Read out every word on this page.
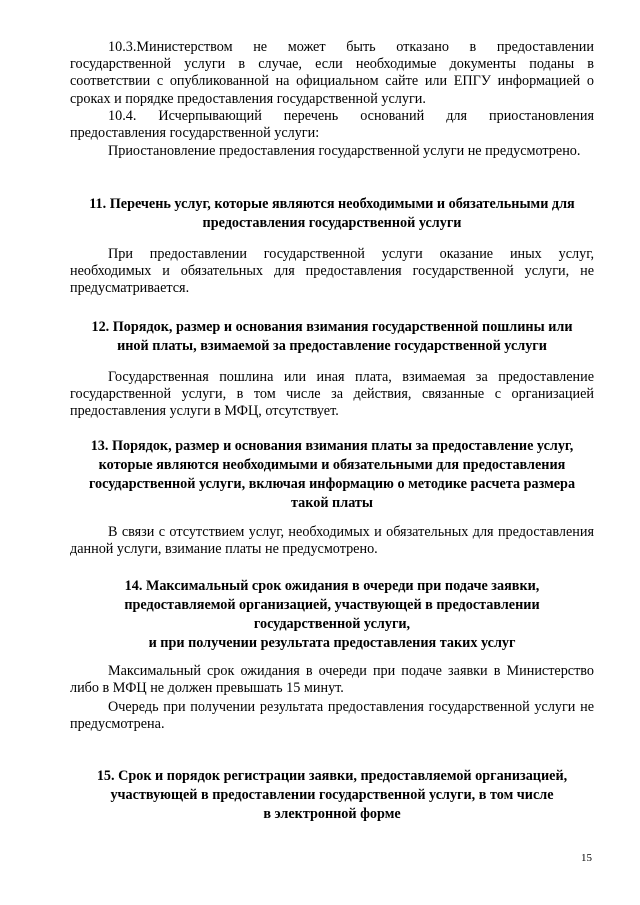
10.3.Министерством не может быть отказано в предоставлении государственной услуги в случае, если необходимые документы поданы в соответствии с опубликованной на официальном сайте или ЕПГУ информацией о сроках и порядке предоставления государственной услуги.

10.4. Исчерпывающий перечень оснований для приостановления предоставления государственной услуги:

Приостановление предоставления государственной услуги не предусмотрено.

11. Перечень услуг, которые являются необходимыми и обязательными для
предоставления государственной услуги

При предоставлении государственной услуги оказание иных услуг, необходимых и обязательных для предоставления государственной услуги, не предусматривается.

12. Порядок, размер и основания взимания государственной пошлины или
иной платы, взимаемой за предоставление государственной услуги

Государственная пошлина или иная плата, взимаемая за предоставление государственной услуги, в том числе за действия, связанные с организацией предоставления услуги в МФЦ, отсутствует.

13. Порядок, размер и основания взимания платы за предоставление услуг,
которые являются необходимыми и обязательными для предоставления
государственной услуги, включая информацию о методике расчета размера
такой платы

В связи с отсутствием услуг, необходимых и обязательных для предоставления данной услуги, взимание платы не предусмотрено.

14. Максимальный срок ожидания в очереди при подаче заявки,
предоставляемой организацией, участвующей в предоставлении
государственной услуги,
и при получении результата предоставления таких услуг

Максимальный срок ожидания в очереди при подаче заявки в Министерство либо в МФЦ не должен превышать 15 минут.

Очередь при получении результата предоставления государственной услуги не предусмотрена.

15. Срок и порядок регистрации заявки, предоставляемой организацией,
участвующей в предоставлении государственной услуги, в том числе
в электронной форме
15
